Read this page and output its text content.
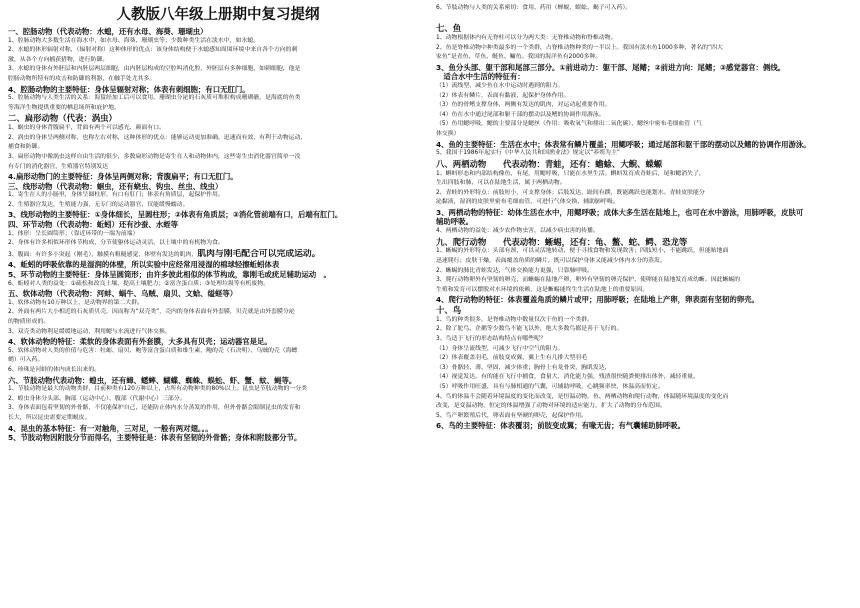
人教版八年级上册期中复习提纲
一、腔肠动物（代表动物：水螅，还有水母、海葵、珊瑚虫）
1、腔肠动物大多数生活在海水中，如水母、海葵、珊瑚虫等；少数种类生活在淡水中，如水螅。
2、水螅的体形辐射对称，（辐射对称）这种体形的优点：该身体结构便于水螅感知周围环境中来自各个方向的刺
激，从各个方向捕获猎物，进行防御。
3、水螅的身体有外胚层和内胚层两层细胞，由内胚层构成的空腔叫消化腔，外胚层有多种细胞，如刺细胞，他是
腔肠动物所特有的攻击和防御的利器，在触手处尤其多。
4、腔肠动物的主要特征：身体呈辐射对称；体表有刺细胞；有口无肛门。
5、腔肠动物与人类生活的关系：海蜇经加工后可以食用，珊瑚虫分泌的石灰质可堆积构成珊瑚礁，是海底的鱼类
等海洋生物提供重要的栖息场所和庇护地。
二、扁形动物（代表：涡虫）
1、蜗虫的身体背腹扁平，背面有两个可以感光、颜面有口。
2、涡虫的身体呈两侧对称，也称左右对称，这种体形的优点：能够运动更加准确、迅速而有效，有利于动物运动、
捕食和防御。
3、扁形动物中像涡虫这样自由生活的很少，多数扁形动物是寄生在人和动物体内，这些寄生虫消化器官简单一没
有专门的消化器官，生殖器官特别发达
4.扁形动物门的主要特征：身体呈两侧对称；背腹扁平；有口无肛门。
三、线形动物（代表动物：蛔虫，还有蛲虫、钩虫、丝虫、线虫）
1、寄生在人的小肠里，身体呈圆柱形，有口有肛门；体表有角质层，起保护作用。
2、生殖器官发达，生殖能力强，无专门的运动器官，仅能缓慢蠕动。
3、线形动物的主要特征：①身体细长，呈圆柱形；②体表有角质层；③消化管前端有口，后端有肛门。
四、环节动物（代表动物：蚯蚓）还有沙蚕、水蛭等
1、体形：呈长圆筒形；（靠近环带的一端为前端）
2、身体有许多相似环形体节构成，分节使躯体运动灵活，以土壤中的有机物为食。
3、腹面：有许多小突起（刚毛），触摸有粗糙感觉，体壁有发达的肌肉，肌肉与刚毛配合可以完成运动。
4、蚯蚓的呼吸依靠的是湿润的体壁，所以实验中应经常用浸湿的棉球轻擦蚯蚓体表
5、环节动物的主要特征：身体呈圆筒形；由许多彼此相似的体节构成，靠刚毛或疣足辅助运动　。
6、蚯蚓对人类的益处：①疏松和改良土壤，提高土壤肥力；②富含蛋白质；③处理垃圾等有机废物。
五、软体动物（代表动物：河蚌、蜗牛、乌贼、扇贝、文蛤、缢蛏等）
1、软体动物有10万种以上，是动物界的第二大群。
2、外面有两片大小相近的石灰质贝壳，因而称为“双壳类”，壳内的身体表面有外套膜，贝壳就是由外套膜分泌
的物质形成的。
3、双壳类动物利足缓缓地运动，利用鳃与水流进行气体交换。
4、软体动物的特征：柔软的身体表面有外套膜，大多具有贝壳；运动器官是足。
5、软体动物对人类的价值与危害：牡蛎、扇贝、鲍等富含蛋白质和维生素，鲍的壳（石决明）、乌贼的壳（海螵
蛸）可入药。
6、珍珠是河蚌的体内成长出来的。
六、节肢动物代表动物：蝗虫，还有蟑、蟋蟀、蝴蝶、蜘蛛、蜈蚣、虾、蟹、蚊、蝇等。
1、节肢动物是最大的动物类群，目前种类有120万种以上，占所有动物种类的80%以上。昆虫是节肢动物的一分类
2、蝗虫身体分头部、胸部（运动中心）、腹部（代谢中心）三部分。
3、身体表面包着坚韧的外骨骼，不仅能保护自己，还能防止体内水分蒸发的作用，但外骨骼会限制昆虫的发育和
长大，所以昆虫需要定期蜕皮。
4、昆虫的基本特征：有一对触角，三对足，一般有两对翅。。。
5、节肢动物因附肢分节而得名，主要特征是：体表有坚韧的外骨骼；身体和附肢都分节。
6、节肢动物与人类的关系密切：食用、药用（蝉蜕、蜈蚣、蝎子可入药）。

七、鱼
1、动物根据体内有无脊柱可以分为两大类：无脊椎动物和脊椎动物。
2、鱼是脊椎动物中种类最多的一个类群，占脊椎动物种类的一半以上。我国有淡水鱼1000多种，著名的“四大
家鱼”是青鱼、草鱼、鲢鱼、鳙鱼。我国的海洋鱼有2000多种。
3、鱼分头部、躯干部和尾部三部分。①前进动力：躯干部、尾鳍；②前进方向：尾鳍；③感觉器官：侧线。
　适合水中生活的特征有：
（1）流线型，减少鱼在水中运动时遇到的阻力。
（2）体表有鳞片，表面有黏液，起保护身体作用。
（3）鱼的骨鳍支撑身体，两侧有发达的肌肉，对运动起重要作用。
（4）鱼在水中通过尾部和躯干部的摆动以及鳍的协调作用游泳。
（5）鱼用鳃呼吸，鳃的主要部分是鳃丝（作用：吸收氧气和排出二氧化碳），鳃丝中密布毛细血管（气
体交换）
4、鱼的主要特征：生活在水中；体表常有鳞片覆盖；用鳃呼吸；通过尾部和躯干部的摆动以及鳍的协调作用游泳。
5、我国于1986年起实行《中华人民共和国渔业法》规定以“养殖为主”
八、两栖动物　　代表动物：青蛙，还有：蟾蜍、大鲵、蝾螈
1、蝌蚪形态和内部结构像鱼，有尾，用鳃呼吸，只能在水里生活。蝌蚪发育成青蛙后，尾和鳃消失了，
生出四肢和肺，可以在陆地生活，属于两栖动物。
2、青蛙的外形特点：前肢短小，可支撑身体；后肢发达，趾间有蹼，既能跳跃也能划水。青蛙皮肤能分
泌黏液，湿润的皮肤里密布毛细血管，可进行气体交换，辅助肺呼吸。
3、两栖动物的特征：幼体生活在水中，用鳃呼吸；成体大多生活在陆地上，也可在水中游泳，用肺呼吸，皮肤可
辅助呼吸。
4、两栖动物的益处：减少农作物虫害，以减少病虫害的传播。
九、爬行动物　　代表动物：蜥蜴，还有：龟、鳖、蛇、鳄、恐龙等
1、蜥蜴的外形特点：头部有颈，可以灵活地转动，便于寻找食物和发现敌害；四肢短小，不能跳跃，但能贴地面
迅速爬行；皮肤干燥，表面覆盖角质的鳞片，既可以保护身体又能减少体内水分的蒸发。
2、蜥蜴的肺比青蛙发达，气体交换能力更强，只靠肺呼吸。
3、爬行动物卵外有坚韧的卵壳，而蜥蜴在陆地产卵，卵外有坚韧的卵壳保护，使卵能在陆地发育成幼蜥。因此蜥蜴的
生殖和发育可以摆脱对水环境的依赖，这是蜥蜴能终生生活在陆地上的重要原因。
4、爬行动物的特征：体表覆盖角质的鳞片或甲；用肺呼吸；在陆地上产卵，卵表面有坚韧的卵壳。
十、鸟
1、鸟的种类很多，是脊椎动物中数量仅次于鱼的一个类群。
2、除了鸵鸟、企鹅等少数鸟不能飞以外，绝大多数鸟都是善于飞行的。
3、鸟适于飞行的形态结构特点有哪些呢？
（1）身体呈流线型，可减少飞行中空气的阻力。
（2）体表覆盖羽毛，前肢变成翼，翼上生有几排大型羽毛
（3）骨骼轻、薄、坚固，减少体重；胸骨上有龙骨突，胸肌发达，
（4）视觉发达，有的能在飞行中捕食，食量大，消化能力强，残渣很快随粪便排出体外，减轻重量。
（5）呼吸作用旺盛，具有与肺相通的气囊，可辅助呼吸，心跳频率快，体温高而恒定。
4、鸟的体温不会随着环境温度的变化而改变，是恒温动物，鱼、两栖动物和爬行动物，体温随环境温度的变化而
改变，是变温动物，恒定的体温增强了动物对环境的适应能力，扩大了动物的分布范围。
5、鸟产卵繁殖后代，卵表面有坚硬的卵壳，起保护作用。
6、鸟的主要特征：体表覆羽；前肢变成翼；有喙无齿；有气囊辅助肺呼吸。
